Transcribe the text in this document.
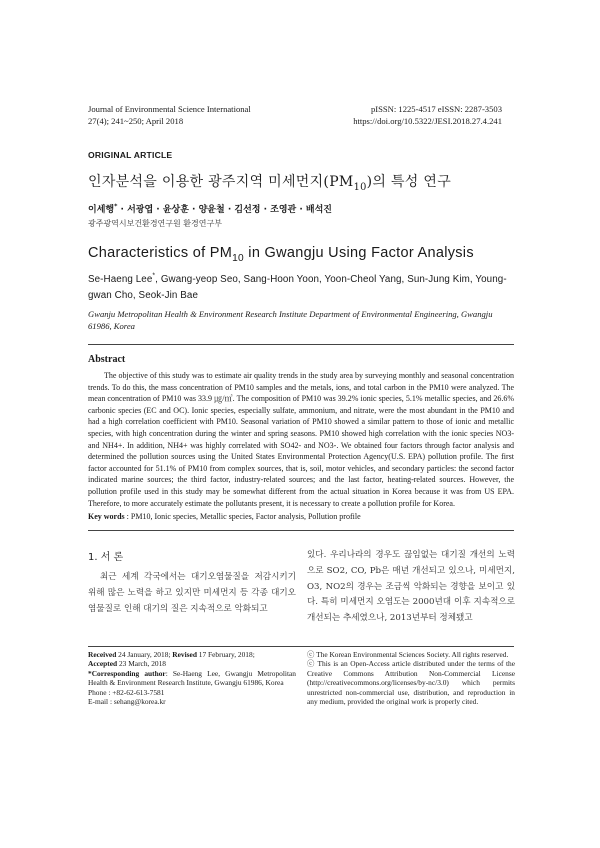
Journal of Environmental Science International
27(4); 241~250; April 2018
pISSN: 1225-4517 eISSN: 2287-3503
https://doi.org/10.5322/JESI.2018.27.4.241
ORIGINAL ARTICLE
인자분석을 이용한 광주지역 미세먼지$(PM_{10})$의 특성 연구
이세행* · 서광엽 · 윤상훈 · 양윤철 · 김선정 · 조영관 · 배석진
광주광역시보건환경연구원 환경연구부
Characteristics of $PM_{10}$ in Gwangju Using Factor Analysis
Se-Haeng Lee*, Gwang-yeop Seo, Sang-Hoon Yoon, Yoon-Cheol Yang, Sun-Jung Kim, Young-gwan Cho, Seok-Jin Bae
Gwanju Metropolitan Health & Environment Research Institute Department of Environmental Engineering, Gwangju 61986, Korea
Abstract

The objective of this study was to estimate air quality trends in the study area by surveying monthly and seasonal concentration trends. To do this, the mass concentration of PM10 samples and the metals, ions, and total carbon in the PM10 were analyzed. The mean concentration of PM10 was 33.9 ㎍/㎥. The composition of PM10 was 39.2% ionic species, 5.1% metallic species, and 26.6% carbonic species (EC and OC). Ionic species, especially sulfate, ammonium, and nitrate, were the most abundant in the PM10 and had a high correlation coefficient with PM10. Seasonal variation of PM10 showed a similar pattern to those of ionic and metallic species, with high concentration during the winter and spring seasons. PM10 showed high correlation with the ionic species NO3- and NH4+. In addition, NH4+ was highly correlated with SO42- and NO3-. We obtained four factors through factor analysis and determined the pollution sources using the United States Environmental Protection Agency(U.S. EPA) pollution profile. The first factor accounted for 51.1% of PM10 from complex sources, that is, soil, motor vehicles, and secondary particles: the second factor indicated marine sources; the third factor, industry-related sources; and the last factor, heating-related sources. However, the pollution profile used in this study may be somewhat different from the actual situation in Korea because it was from US EPA. Therefore, to more accurately estimate the pollutants present, it is necessary to create a pollution profile for Korea.

Key words : PM10, Ionic species, Metallic species, Factor analysis, Pollution profile
1. 서 론

최근 세계 각국에서는 대기오염물질을 저감시키기 위해 많은 노력을 하고 있지만 미세먼지 등 각종 대기오염물질로 인해 대기의 질은 지속적으로 악화되고

있다. 우리나라의 경우도 끊임없는 대기질 개선의 노력으로 SO2, CO, Pb은 매년 개선되고 있으나, 미세먼지, O3, NO2의 경우는 조금씩 악화되는 경향을 보이고 있다. 특히 미세먼지 오염도는 2000년대 이후 지속적으로 개선되는 추세였으나, 2013년부터 정체됐고

Received 24 January, 2018; Revised 17 February, 2018;
Accepted 23 March, 2018
*Corresponding author: Se-Haeng Lee, Gwangju Metropolitan Health & Environment Research Institute, Gwangju 61986, Korea
Phone : +82-62-613-7581
E-mail : sehang@korea.kr
ⓒ The Korean Environmental Sciences Society. All rights reserved.
ⓒ This is an Open-Access article distributed under the terms of the Creative Commons Attribution Non-Commercial License (http://creativecommons.org/licenses/by-nc/3.0) which permits unrestricted non-commercial use, distribution, and reproduction in any medium, provided the original work is properly cited.
